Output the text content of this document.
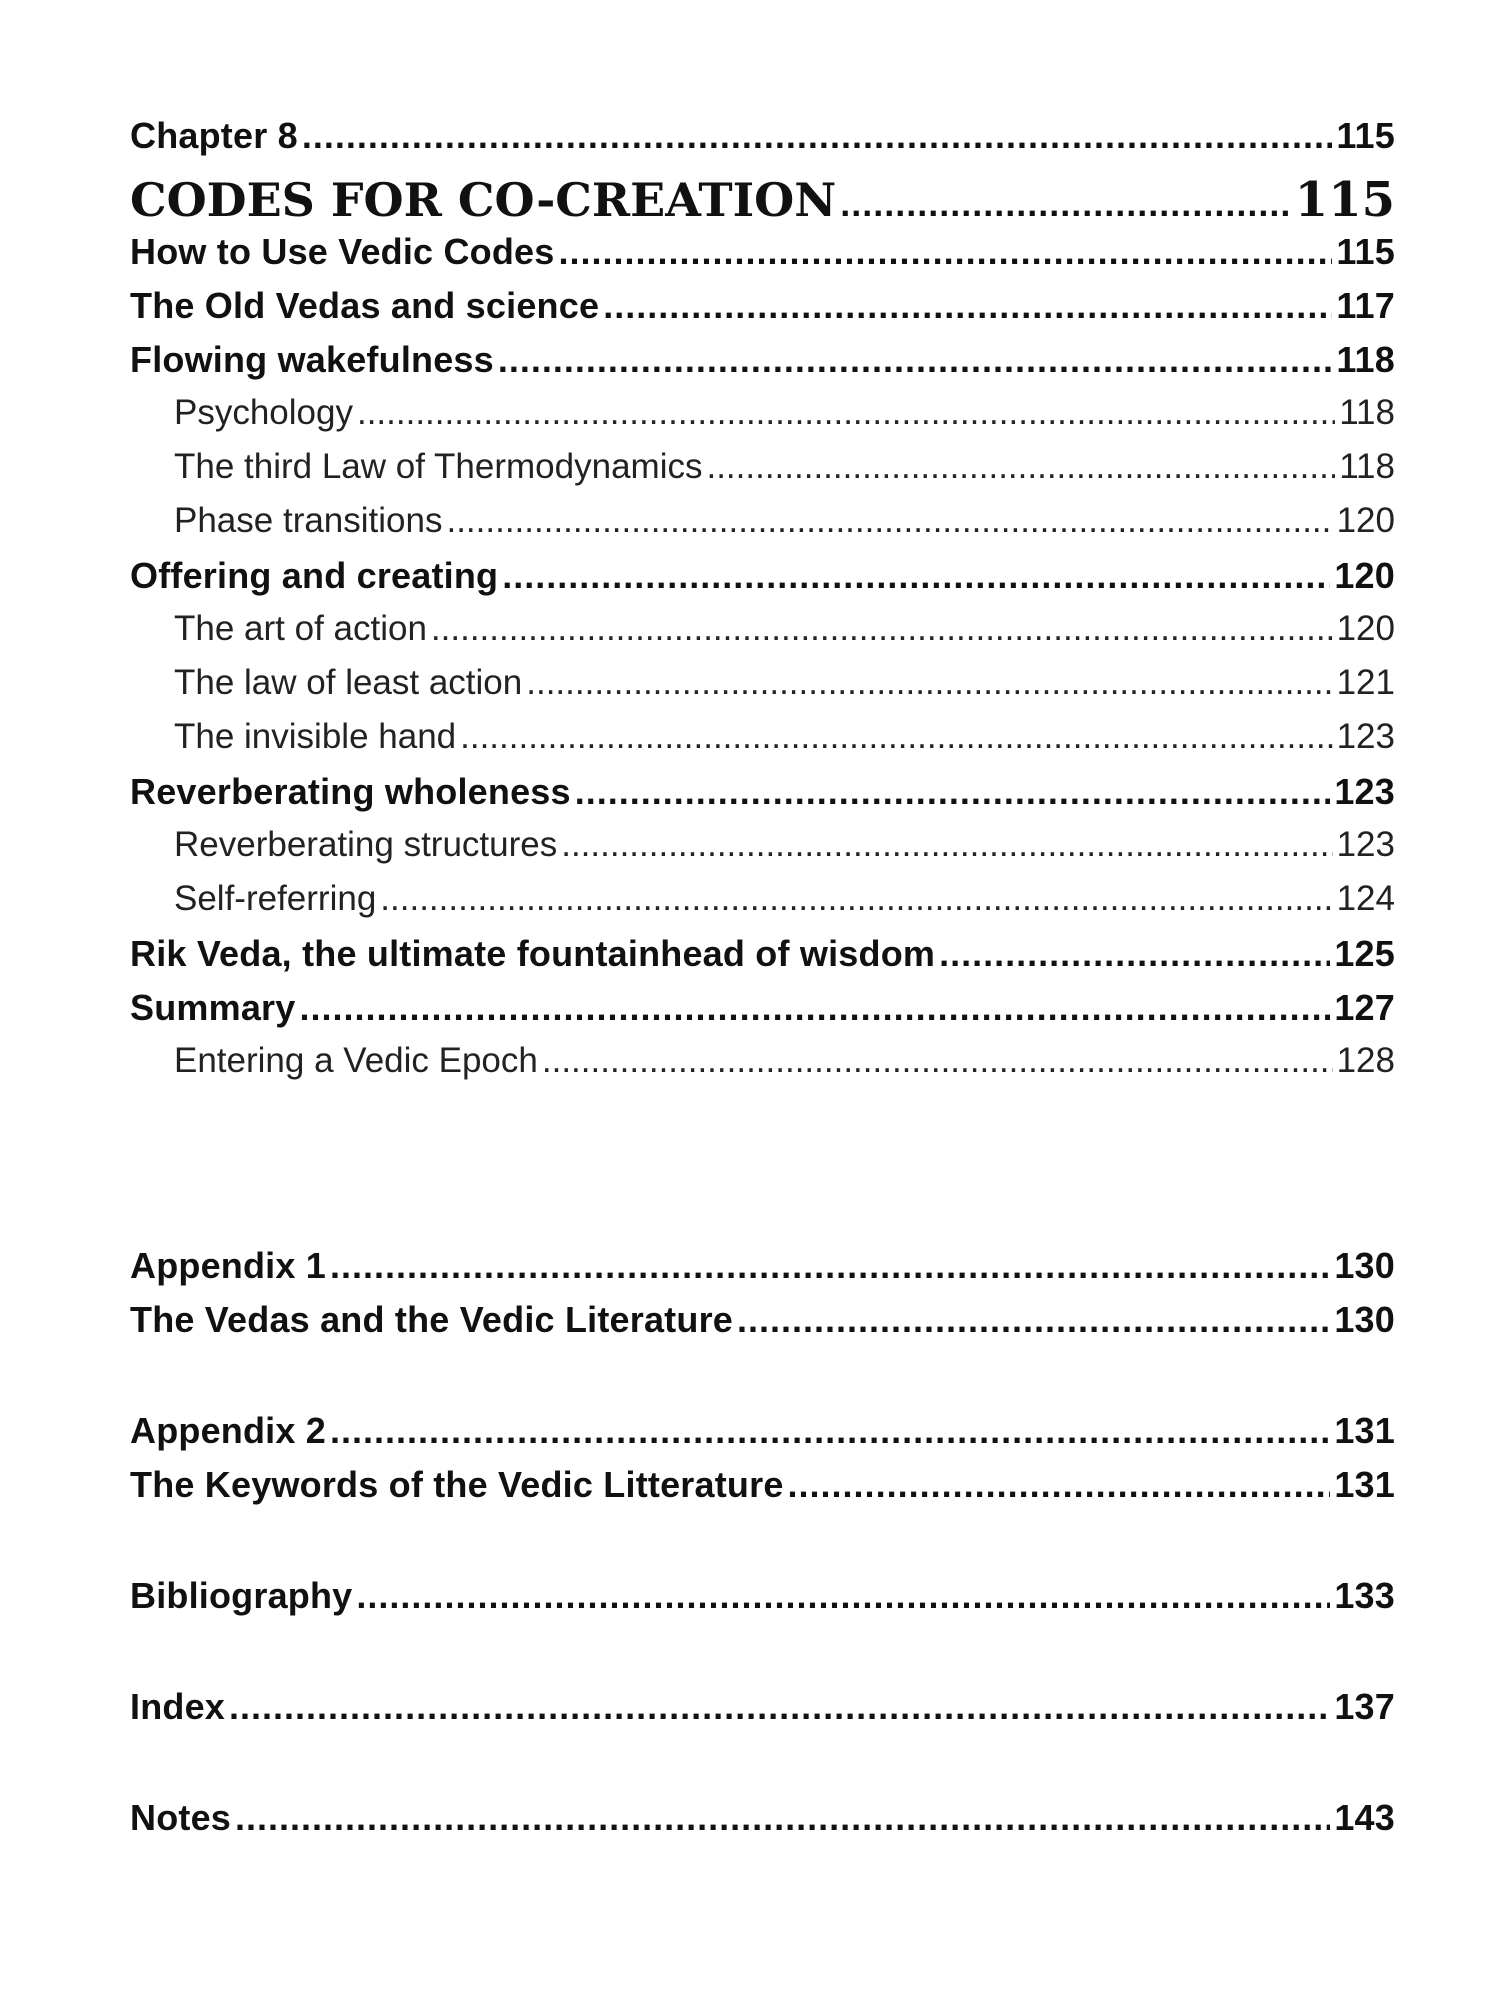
Chapter 8 .....	115
CODES FOR CO-CREATION .....	115
How to Use Vedic Codes .....	115
The Old Vedas and science .....	117
Flowing wakefulness .....	118
Psychology .....	118
The third Law of Thermodynamics .....	118
Phase transitions .....	120
Offering and creating .....	120
The art of action .....	120
The law of least action .....	121
The invisible hand .....	123
Reverberating wholeness .....	123
Reverberating structures .....	123
Self-referring .....	124
Rik Veda, the ultimate fountainhead of wisdom .....	125
Summary .....	127
Entering a Vedic Epoch .....	128
Appendix 1 .....	130
The Vedas and the Vedic Literature .....	130
Appendix 2 .....	131
The Keywords of the Vedic Litterature .....	131
Bibliography .....	133
Index .....	137
Notes .....	143
